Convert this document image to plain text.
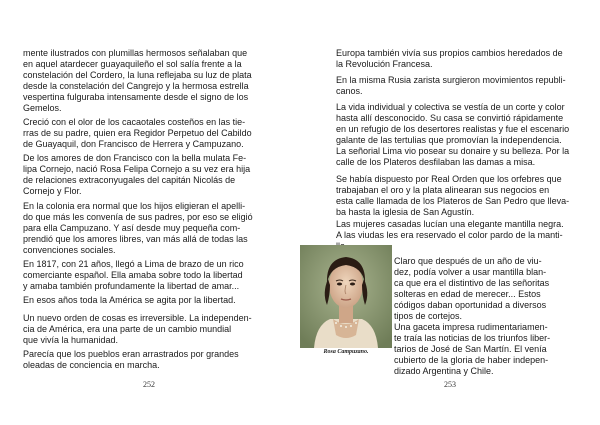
mente ilustrados con plumillas hermosos señalaban que
en aquel atardecer guayaquileño el sol salía frente a la
constelación del Cordero, la luna reflejaba su luz de plata
desde la constelación del Cangrejo y la hermosa estrella
vespertina fulguraba intensamente desde el signo de los
Gemelos.
Creció con el olor de los cacaotales costeños en las tie-
rras de su padre, quien era Regidor Perpetuo del Cabildo
de Guayaquil, don Francisco de Herrera y Campuzano.
De los amores de don Francisco con la bella mulata Fe-
lipa Cornejo, nació Rosa Felipa Cornejo a su vez era hija
de relaciones extraconyugales del capitán Nicolás de
Cornejo y Flor.
En la colonia era normal que los hijos eligieran el apelli-
do que más les convenía de sus padres, por eso se eligió
para ella Campuzano. Y así desde muy pequeña com-
prendió que los amores libres, van más allá de todas las
convenciones sociales.
En 1817, con 21 años, llegó a Lima de brazo de un rico
comerciante español. Ella amaba sobre todo la libertad
y amaba también profundamente la libertad de amar...
En esos años toda la América se agita por la libertad.
Un nuevo orden de cosas es irreversible. La independen-
cia de América, era una parte de un cambio mundial
que vivía la humanidad.
Parecía que los pueblos eran arrastrados por grandes
oleadas de conciencia en marcha.
252
Europa también vivía sus propios cambios heredados de
la Revolución Francesa.
En la misma Rusia zarista surgieron movimientos republi-
canos.
La vida individual y colectiva se vestía de un corte y color
hasta allí desconocido. Su casa se convirtió rápidamente
en un refugio de los desertores realistas y fue el escenario
galante de las tertulias que promovían la independencia.
La señorial Lima vio posear su donaire y su belleza. Por la
calle de los Plateros desfilaban las damas a misa.
Se había dispuesto por Real Orden que los orfebres que
trabajaban el oro y la plata alinearan sus negocios en
esta calle llamada de los Plateros de San Pedro que lleva-
ba hasta la iglesia de San Agustín.
Las mujeres casadas lucían una elegante mantilla negra.
A las viudas les era reservado el color pardo de la manti-
Rosa Campuzano.
Claro que después de un año de viu-
dez, podía volver a usar mantilla blan-
ca que era el distintivo de las señoritas
solteras en edad de merecer... Estos
códigos daban oportunidad a diversos
tipos de cortejos.
Una gaceta impresa rudimentariamen-
te traía las noticias de los triunfos liber-
tarios de José de San Martín. El venía
cubierto de la gloria de haber indepen-
dizado Argentina y Chile.
253
